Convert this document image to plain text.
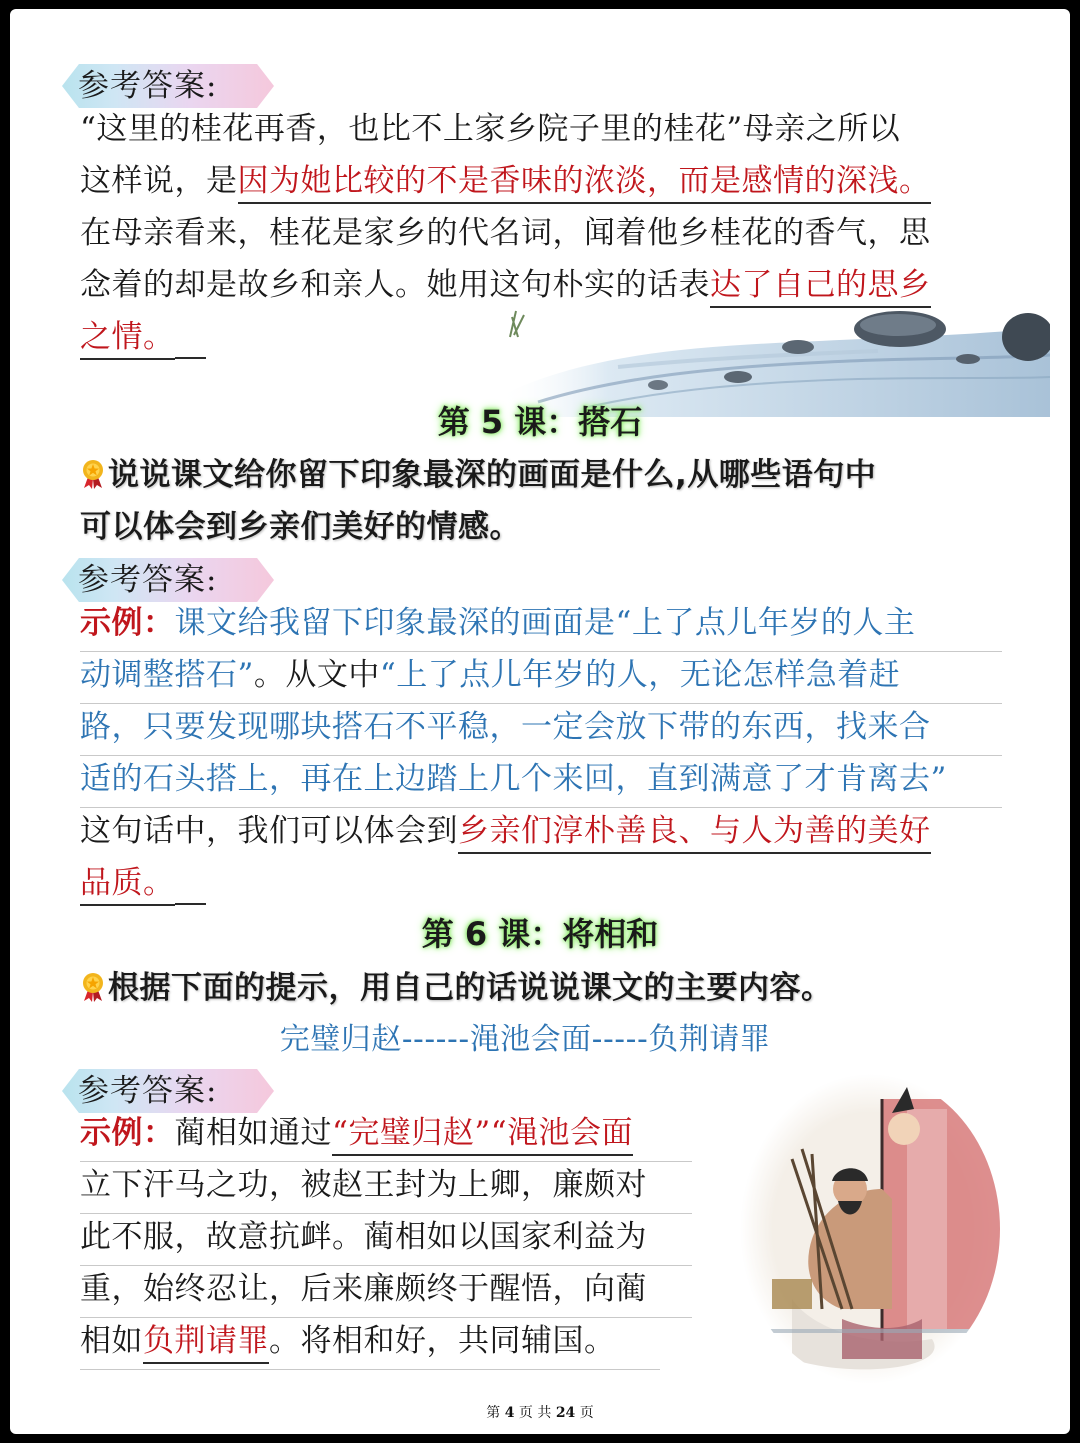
参考答案:
“这里的桂花再香，也比不上家乡院子里的桂花”母亲之所以
这样说，是因为她比较的不是香味的浓淡，而是感情的深浅。
在母亲看来，桂花是家乡的代名词，闻着他乡桂花的香气，思
念着的却是故乡和亲人。她用这句朴实的话表达了自己的思乡
之情。
第 5 课：搭石
说说课文给你留下印象最深的画面是什么,从哪些语句中
可以体会到乡亲们美好的情感。
参考答案:
示例：课文给我留下印象最深的画面是“上了点儿年岁的人主
动调整搭石”。从文中“上了点儿年岁的人，无论怎样急着赶
路，只要发现哪块搭石不平稳，一定会放下带的东西，找来合
适的石头搭上，再在上边踏上几个来回，直到满意了才肯离去”
这句话中，我们可以体会到乡亲们淳朴善良、与人为善的美好
品质。
第 6 课：将相和
根据下面的提示，用自己的话说说课文的主要内容。
完璧归赵------渑池会面-----负荆请罪
参考答案:
示例：蔺相如通过“完璧归赵”“渑池会面
立下汗马之功，被赵王封为上卿，廉颇对
此不服，故意抗衅。蔺相如以国家利益为
重，始终忍让，后来廉颇终于醒悟，向蔺
相如负荆请罪。将相和好，共同辅国。
第 4 页 共 24 页
